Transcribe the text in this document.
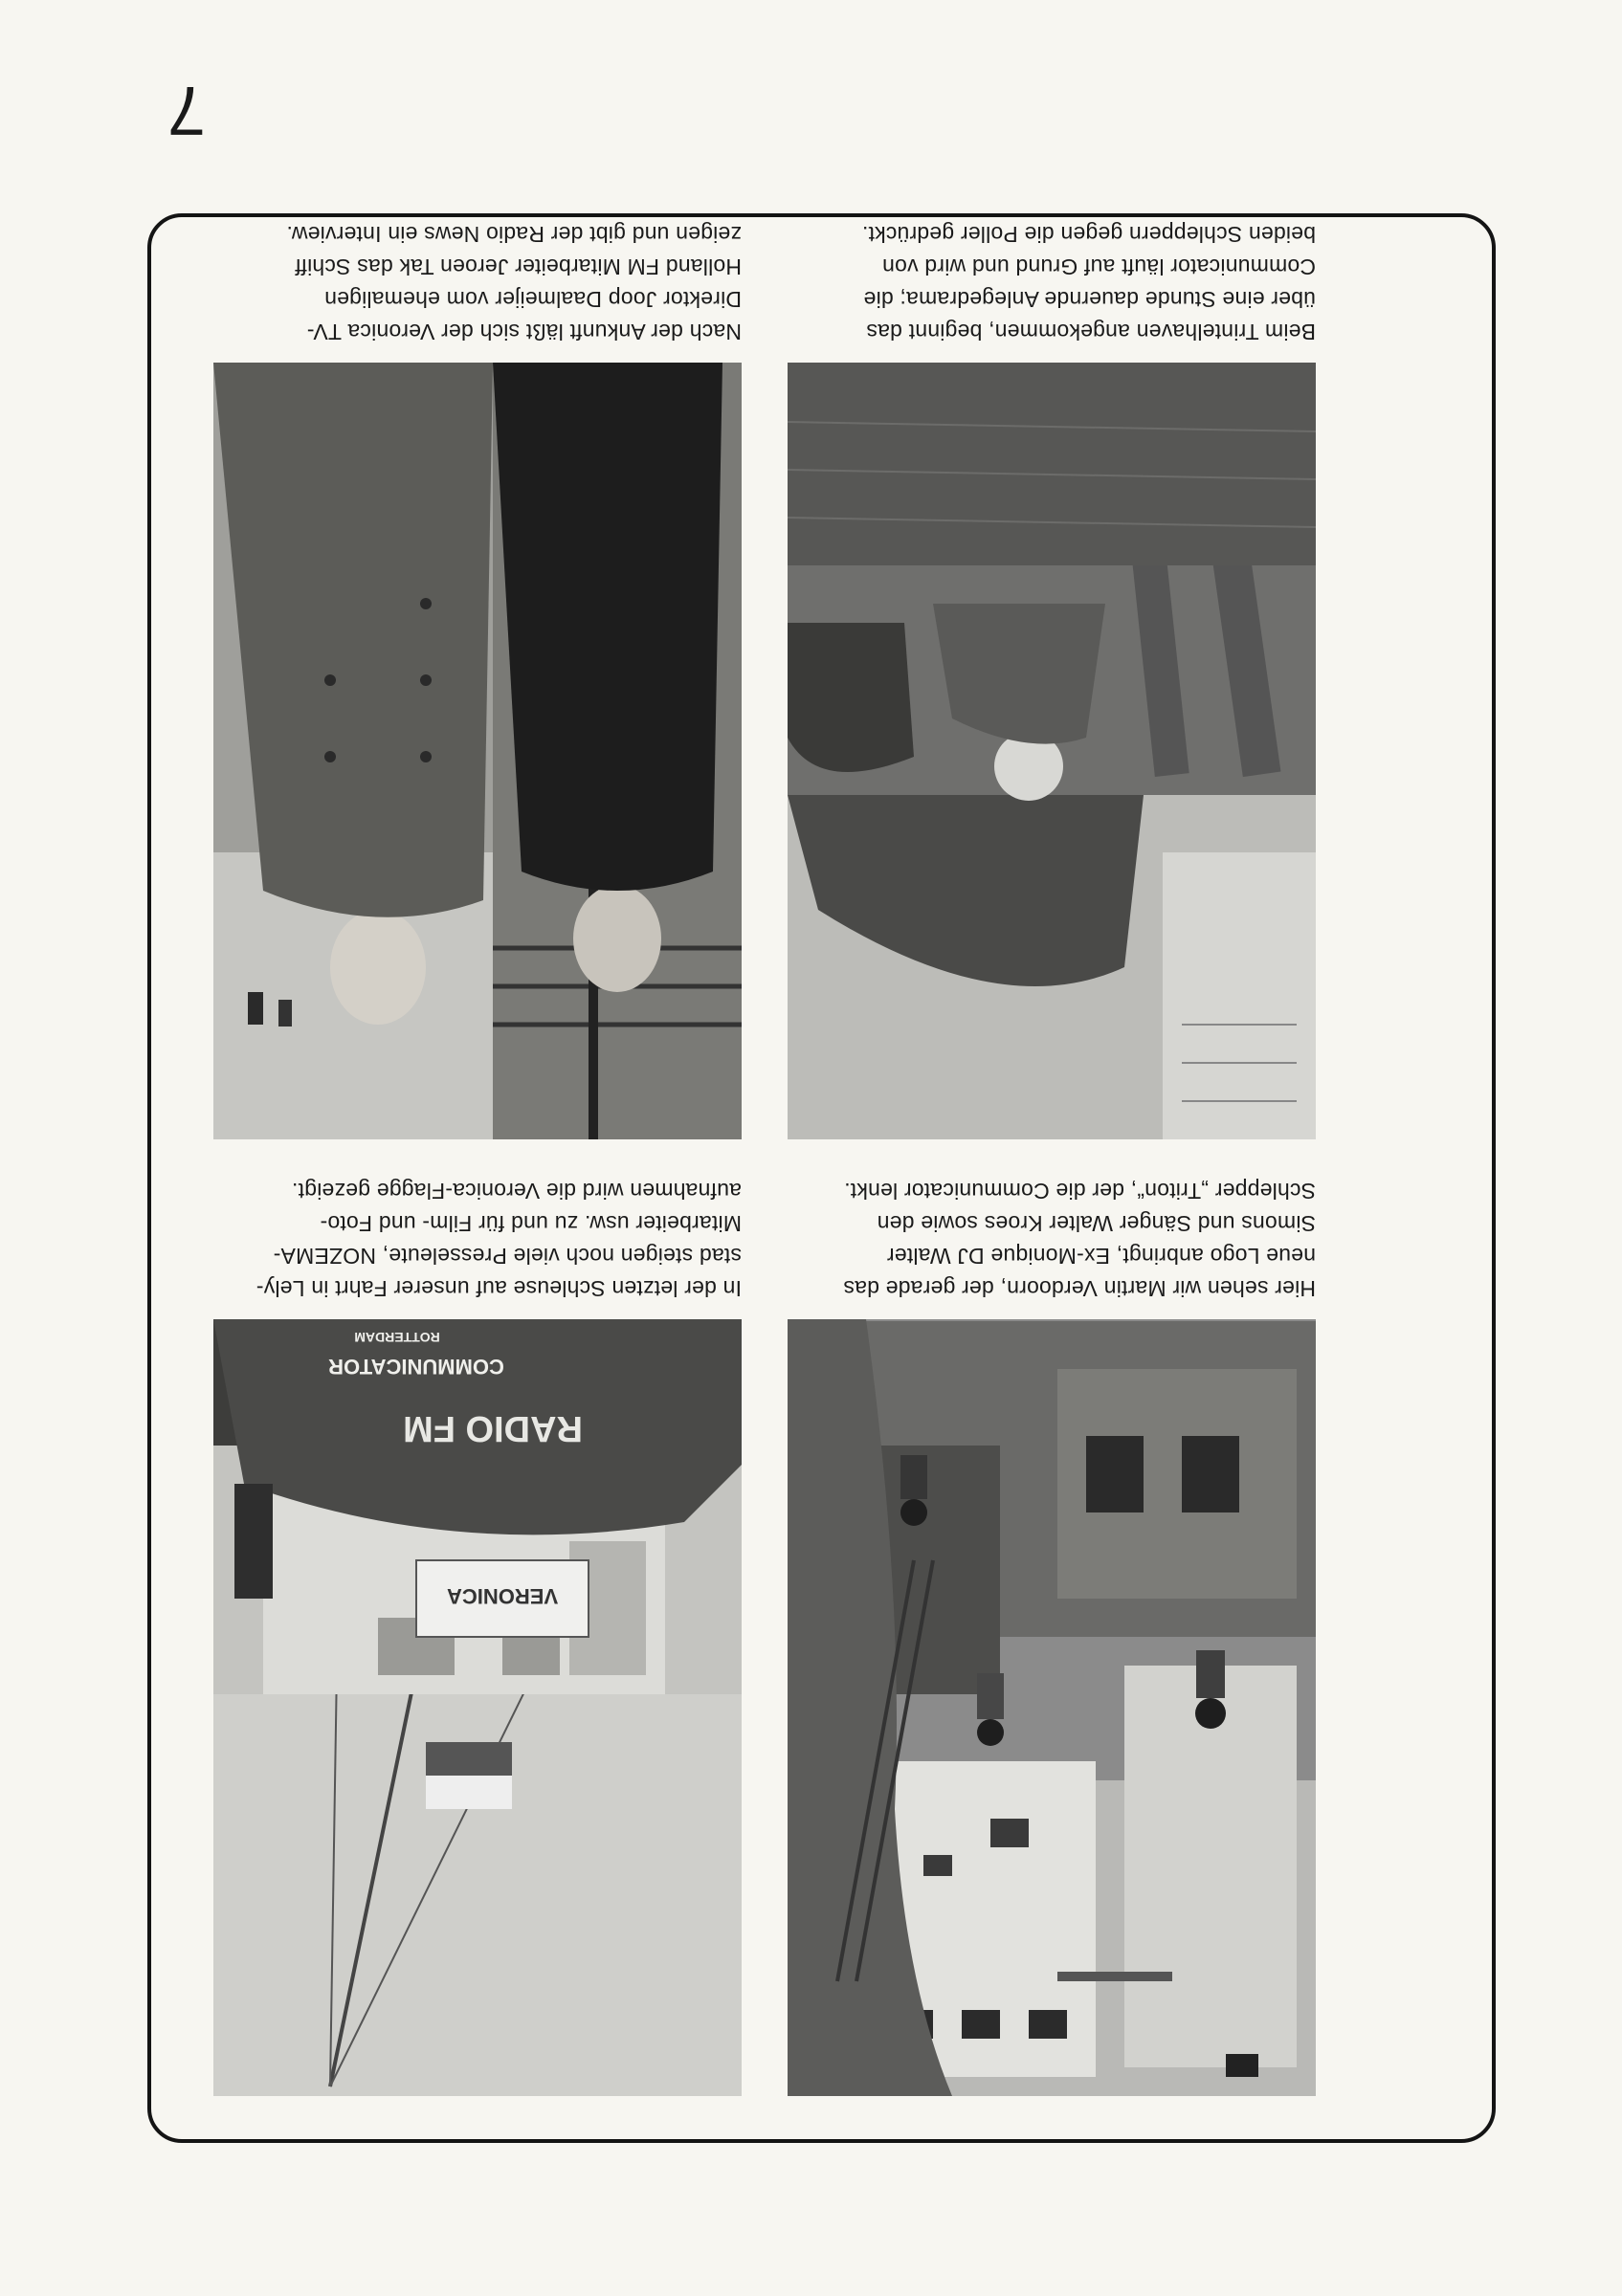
7
VERONICA
RADIO FM
COMMUNICATOR
ROTTERDAM
Hier sehen wir Martin Verdoorn, der gerade das
neue Logo anbringt, Ex-Monique DJ Walter
Simons und Sänger Walter Kroes sowie den
Schlepper „Triton“, der die Communicator lenkt.
In der letzten Schleuse auf unserer Fahrt in Lely-
stad steigen noch viele Presseleute, NOZEMA-
Mitarbeiter usw. zu und für Film- und Foto-
aufnahmen wird die Veronica-Flagge gezeigt.
Beim Trintelhaven angekommen, beginnt das
über eine Stunde dauernde Anlegedrama; die
Communicator läuft auf Grund und wird von
beiden Schleppern gegen die Poller gedrückt.
Nach der Ankunft läßt sich der Veronica TV-
Direktor Joop Daalmeijer vom ehemaligen
Holland FM Mitarbeiter Jeroen Tak das Schiff
zeigen und gibt der Radio News ein Interview.
